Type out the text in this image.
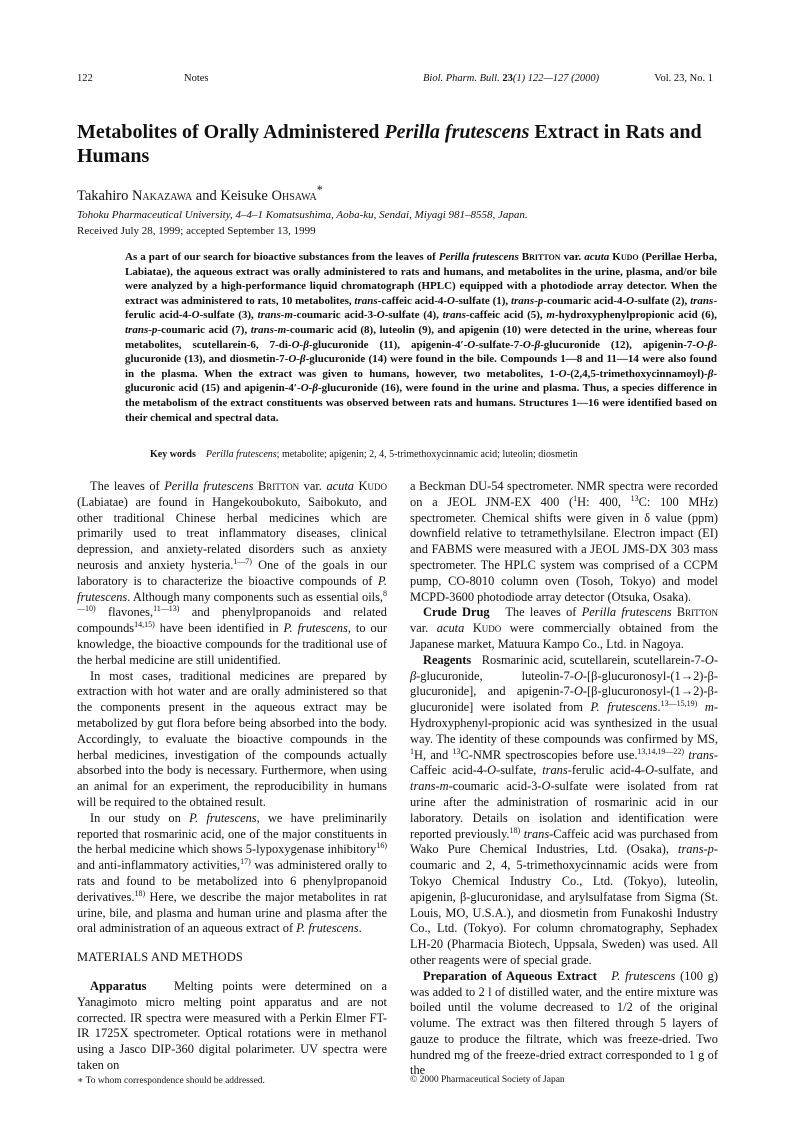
122	Notes	Biol. Pharm. Bull. 23(1) 122—127 (2000)	Vol. 23, No. 1
Metabolites of Orally Administered Perilla frutescens Extract in Rats and Humans
Takahiro Nakazawa and Keisuke Ohsawa*
Tohoku Pharmaceutical University, 4–4–1 Komatsushima, Aoba-ku, Sendai, Miyagi 981–8558, Japan.
Received July 28, 1999; accepted September 13, 1999

As a part of our search for bioactive substances from the leaves of Perilla frutescens Britton var. acuta Kudo (Perillae Herba, Labiatae), the aqueous extract was orally administered to rats and humans, and metabolites in the urine, plasma, and/or bile were analyzed by a high-performance liquid chromatograph (HPLC) equipped with a photodiode array detector. When the extract was administered to rats, 10 metabolites, trans-caffeic acid-4-O-sulfate (1), trans-p-coumaric acid-4-O-sulfate (2), trans-ferulic acid-4-O-sulfate (3), trans-m-coumaric acid-3-O-sulfate (4), trans-caffeic acid (5), m-hydroxyphenylpropionic acid (6), trans-p-coumaric acid (7), trans-m-coumaric acid (8), luteolin (9), and apigenin (10) were detected in the urine, whereas four metabolites, scutellarein-6, 7-di-O-β-glucuronide (11), apigenin-4′-O-sulfate-7-O-β-glucuronide (12), apigenin-7-O-β-glucuronide (13), and diosmetin-7-O-β-glucuronide (14) were found in the bile. Compounds 1—8 and 11—14 were also found in the plasma. When the extract was given to humans, however, two metabolites, 1-O-(2,4,5-trimethoxycinnamoyl)-β-glucuronic acid (15) and apigenin-4′-O-β-glucuronide (16), were found in the urine and plasma. Thus, a species difference in the metabolism of the extract constituents was observed between rats and humans. Structures 1—16 were identified based on their chemical and spectral data.

Key words Perilla frutescens; metabolite; apigenin; 2, 4, 5-trimethoxycinnamic acid; luteolin; diosmetin

The leaves of Perilla frutescens Britton var. acuta Kudo (Labiatae) are found in Hangekoubokuto, Saibokuto, and other traditional Chinese herbal medicines which are primarily used to treat inflammatory diseases, clinical depression, and anxiety-related disorders such as anxiety neurosis and anxiety hysteria.$^{1—7)}$ One of the goals in our laboratory is to characterize the bioactive compounds of P. frutescens. Although many components such as essential oils,$^{8—10)}$ flavones,$^{11—13)}$ and phenylpropanoids and related compounds$^{14,15)}$ have been identified in P. frutescens, to our knowledge, the bioactive compounds for the traditional use of the herbal medicine are still unidentified.

In most cases, traditional medicines are prepared by extraction with hot water and are orally administered so that the components present in the aqueous extract may be metabolized by gut flora before being absorbed into the body. Accordingly, to evaluate the bioactive compounds in the herbal medicines, investigation of the compounds actually absorbed into the body is necessary. Furthermore, when using an animal for an experiment, the reproducibility in humans will be required to the obtained result.

In our study on P. frutescens, we have preliminarily reported that rosmarinic acid, one of the major constituents in the herbal medicine which shows 5-lypoxygenase inhibitory$^{16)}$ and anti-inflammatory activities,$^{17)}$ was administered orally to rats and found to be metabolized into 6 phenylpropanoid derivatives.$^{18)}$ Here, we describe the major metabolites in rat urine, bile, and plasma and human urine and plasma after the oral administration of an aqueous extract of P. frutescens.

MATERIALS AND METHODS

Apparatus Melting points were determined on a Yanagimoto micro melting point apparatus and are not corrected. IR spectra were measured with a Perkin Elmer FT-IR 1725X spectrometer. Optical rotations were in methanol using a Jasco DIP-360 digital polarimeter. UV spectra were taken on

a Beckman DU-54 spectrometer. NMR spectra were recorded on a JEOL JNM-EX 400 ($^1$H: 400, $^{13}$C: 100 MHz) spectrometer. Chemical shifts were given in δ value (ppm) downfield relative to tetramethylsilane. Electron impact (EI) and FABMS were measured with a JEOL JMS-DX 303 mass spectrometer. The HPLC system was comprised of a CCPM pump, CO-8010 column oven (Tosoh, Tokyo) and model MCPD-3600 photodiode array detector (Otsuka, Osaka).

Crude Drug The leaves of Perilla frutescens Britton var. acuta Kudo were commercially obtained from the Japanese market, Matuura Kampo Co., Ltd. in Nagoya.

Reagents Rosmarinic acid, scutellarein, scutellarein-7-O-β-glucuronide, luteolin-7-O-[β-glucuronosyl-(1→2)-β-glucuronide], and apigenin-7-O-[β-glucuronosyl-(1→2)-β-glucuronide] were isolated from P. frutescens.$^{13—15,19)}$ m-Hydroxyphenyl-propionic acid was synthesized in the usual way. The identity of these compounds was confirmed by MS, $^1$H, and $^{13}$C-NMR spectroscopies before use.$^{13,14,19—22)}$ trans-Caffeic acid-4-O-sulfate, trans-ferulic acid-4-O-sulfate, and trans-m-coumaric acid-3-O-sulfate were isolated from rat urine after the administration of rosmarinic acid in our laboratory. Details on isolation and identification were reported previously.$^{18)}$ trans-Caffeic acid was purchased from Wako Pure Chemical Industries, Ltd. (Osaka), trans-p-coumaric and 2, 4, 5-trimethoxycinnamic acids were from Tokyo Chemical Industry Co., Ltd. (Tokyo), luteolin, apigenin, β-glucuronidase, and arylsulfatase from Sigma (St. Louis, MO, U.S.A.), and diosmetin from Funakoshi Industry Co., Ltd. (Tokyo). For column chromatography, Sephadex LH-20 (Pharmacia Biotech, Uppsala, Sweden) was used. All other reagents were of special grade.

Preparation of Aqueous Extract P. frutescens (100 g) was added to 2 l of distilled water, and the entire mixture was boiled until the volume decreased to 1/2 of the original volume. The extract was then filtered through 5 layers of gauze to produce the filtrate, which was freeze-dried. Two hundred mg of the freeze-dried extract corresponded to 1 g of the

∗ To whom correspondence should be addressed.	© 2000 Pharmaceutical Society of Japan
